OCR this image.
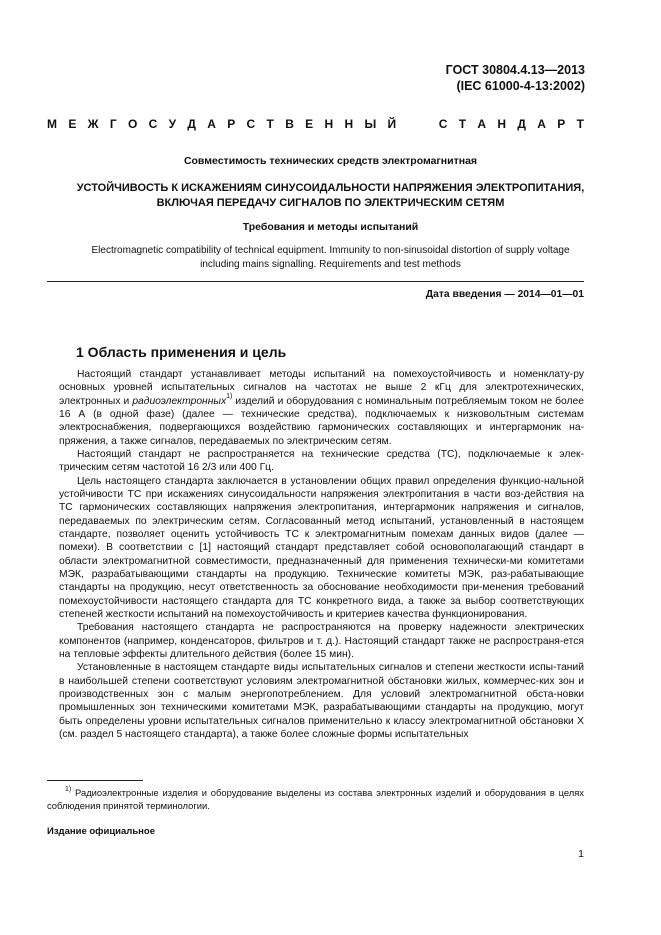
ГОСТ 30804.4.13—2013
(IEC 61000-4-13:2002)
М Е Ж Г О С У Д А Р С Т В Е Н Н Ы Й	С Т А Н Д А Р Т
Совместимость технических средств электромагнитная
УСТОЙЧИВОСТЬ К ИСКАЖЕНИЯМ СИНУСОИДАЛЬНОСТИ НАПРЯЖЕНИЯ ЭЛЕКТРОПИТАНИЯ,
ВКЛЮЧАЯ ПЕРЕДАЧУ СИГНАЛОВ ПО ЭЛЕКТРИЧЕСКИМ СЕТЯМ
Требования и методы испытаний
Electromagnetic compatibility of technical equipment. Immunity to non-sinusoidal distortion of supply voltage
including mains signalling. Requirements and test methods
Дата введения — 2014—01—01
1 Область применения и цель

Настоящий стандарт устанавливает методы испытаний на помехоустойчивость и номенклату-ру основных уровней испытательных сигналов на частотах не выше 2 кГц для электротехнических, электронных и радиоэлектронных$^{1)}$ изделий и оборудования с номинальным потребляемым током не более 16 А (в одной фазе) (далее — технические средства), подключаемых к низковольтным системам электроснабжения, подвергающихся воздействию гармонических составляющих и интергармоник на-пряжения, а также сигналов, передаваемых по электрическим сетям.

Настоящий стандарт не распространяется на технические средства (ТС), подключаемые к элек-трическим сетям частотой 16 2/3 или 400 Гц.

Цель настоящего стандарта заключается в установлении общих правил определения функцио-нальной устойчивости ТС при искажениях синусоидальности напряжения электропитания в части воз-действия на ТС гармонических составляющих напряжения электропитания, интергармоник напряжения и сигналов, передаваемых по электрическим сетям. Согласованный метод испытаний, установленный в настоящем стандарте, позволяет оценить устойчивость ТС к электромагнитным помехам данных видов (далее — помехи). В соответствии с [1] настоящий стандарт представляет собой основополагающий стандарт в области электромагнитной совместимости, предназначенный для применения технически-ми комитетами МЭК, разрабатывающими стандарты на продукцию. Технические комитеты МЭК, раз-рабатывающие стандарты на продукцию, несут ответственность за обоснование необходимости при-менения требований помехоустойчивости настоящего стандарта для ТС конкретного вида, а также за выбор соответствующих степеней жесткости испытаний на помехоустойчивость и критериев качества функционирования.

Требования настоящего стандарта не распространяются на проверку надежности электрических компонентов (например, конденсаторов, фильтров и т. д.). Настоящий стандарт также не распространя-ется на тепловые эффекты длительного действия (более 15 мин).

Установленные в настоящем стандарте виды испытательных сигналов и степени жесткости испы-таний в наибольшей степени соответствуют условиям электромагнитной обстановки жилых, коммерчес-ких зон и производственных зон с малым энергопотреблением. Для условий электромагнитной обста-новки промышленных зон техническими комитетами МЭК, разрабатывающими стандарты на продукцию, могут быть определены уровни испытательных сигналов применительно к классу электромагнитной обстановки Х (см. раздел 5 настоящего стандарта), а также более сложные формы испытательных

$^{1)}$ Радиоэлектронные изделия и оборудование выделены из состава электронных изделий и оборудования в целях соблюдения принятой терминологии.
Издание официальное
1
